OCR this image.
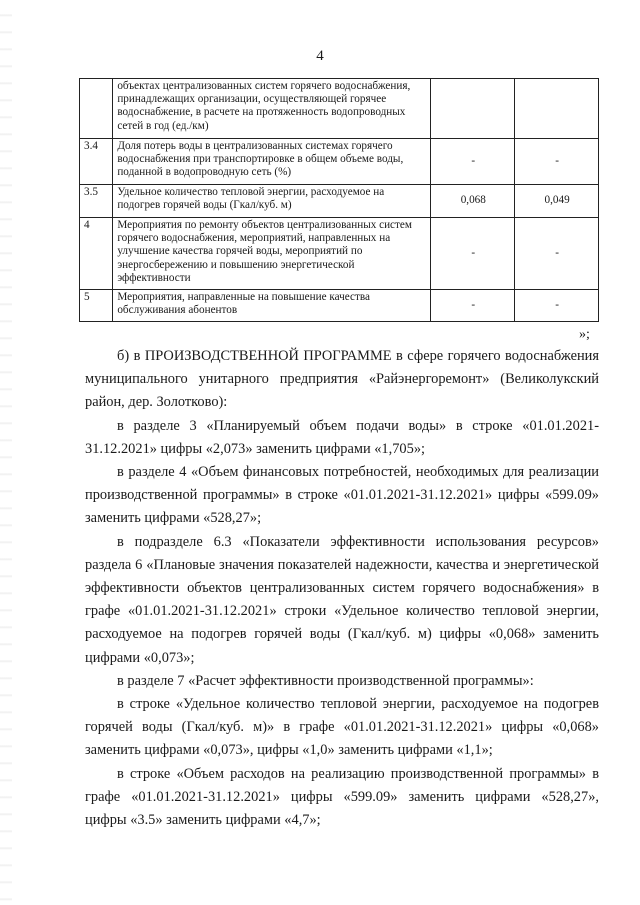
4
	объектах централизованных систем горячего водоснабжения, принадлежащих организации, осуществляющей горячее водоснабжение, в расчете на протяженность водопроводных сетей в год (ед./км)		
3.4	Доля потерь воды в централизованных системах горячего водоснабжения при транспортировке в общем объеме воды, поданной в водопроводную сеть (%)	-	-
3.5	Удельное количество тепловой энергии, расходуемое на подогрев горячей воды (Гкал/куб. м)	0,068	0,049
4	Мероприятия по ремонту объектов централизованных систем горячего водоснабжения, мероприятий, направленных на улучшение качества горячей воды, мероприятий по энергосбережению и повышению энергетической эффективности	-	-
5	Мероприятия, направленные на повышение качества обслуживания абонентов	-	-
»;

б) в ПРОИЗВОДСТВЕННОЙ ПРОГРАММЕ в сфере горячего водоснабжения муниципального унитарного предприятия «Райэнергоремонт» (Великолукский район, дер. Золотково):

в разделе 3 «Планируемый объем подачи воды» в строке «01.01.2021-31.12.2021» цифры «2,073» заменить цифрами «1,705»;

в разделе 4 «Объем финансовых потребностей, необходимых для реализации производственной программы» в строке «01.01.2021-31.12.2021» цифры «599.09» заменить цифрами «528,27»;

в подразделе 6.3 «Показатели эффективности использования ресурсов» раздела 6 «Плановые значения показателей надежности, качества и энергетической эффективности объектов централизованных систем горячего водоснабжения» в графе «01.01.2021-31.12.2021» строки «Удельное количество тепловой энергии, расходуемое на подогрев горячей воды (Гкал/куб. м) цифры «0,068» заменить цифрами «0,073»;

в разделе 7 «Расчет эффективности производственной программы»:

в строке «Удельное количество тепловой энергии, расходуемое на подогрев горячей воды (Гкал/куб. м)» в графе «01.01.2021-31.12.2021» цифры «0,068» заменить цифрами «0,073», цифры «1,0» заменить цифрами «1,1»;

в строке «Объем расходов на реализацию производственной программы» в графе «01.01.2021-31.12.2021» цифры «599.09» заменить цифрами «528,27», цифры «3.5» заменить цифрами «4,7»;
